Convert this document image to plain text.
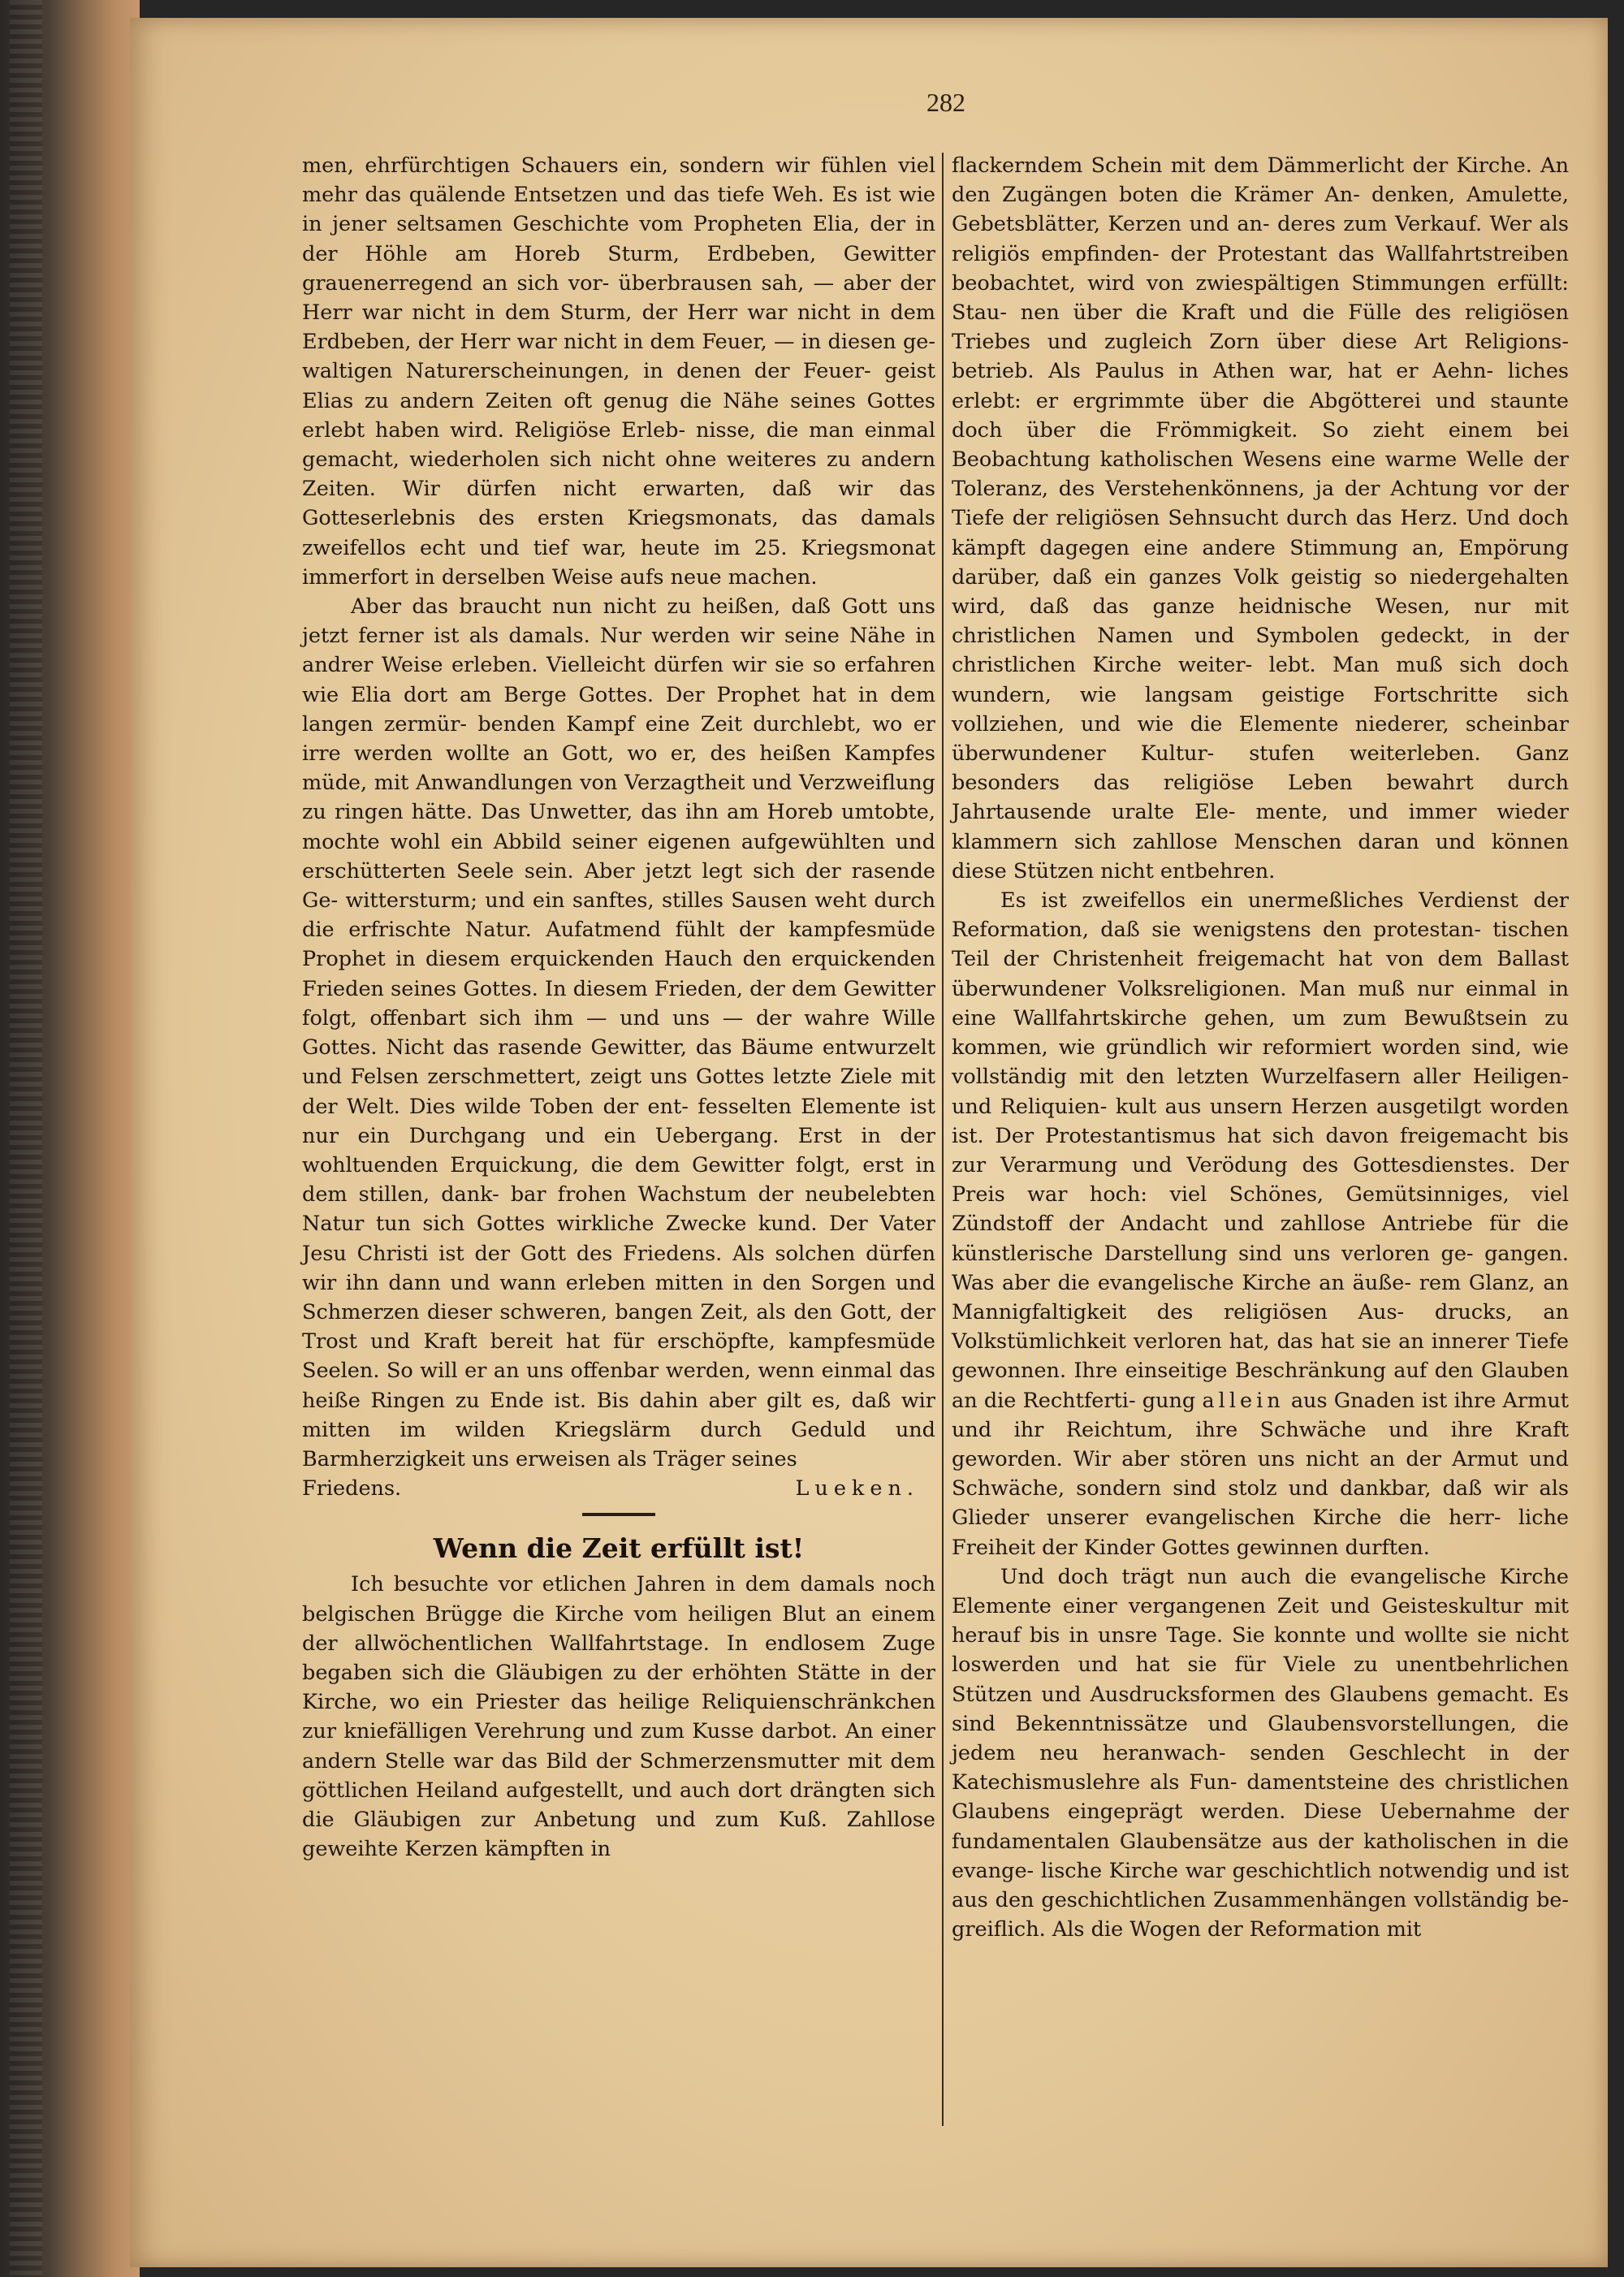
282

men, ehrfürchtigen Schauers ein, sondern wir fühlen viel mehr das quälende Entsetzen und das tiefe Weh. Es ist wie in jener seltsamen Geschichte vom Propheten Elia, der in der Höhle am Horeb Sturm, Erdbeben, Gewitter grauenerregend an sich vor- überbrausen sah, — aber der Herr war nicht in dem Sturm, der Herr war nicht in dem Erdbeben, der Herr war nicht in dem Feuer, — in diesen ge- waltigen Naturerscheinungen, in denen der Feuer- geist Elias zu andern Zeiten oft genug die Nähe seines Gottes erlebt haben wird. Religiöse Erleb- nisse, die man einmal gemacht, wiederholen sich nicht ohne weiteres zu andern Zeiten. Wir dürfen nicht erwarten, daß wir das Gotteserlebnis des ersten Kriegsmonats, das damals zweifellos echt und tief war, heute im 25. Kriegsmonat immerfort in derselben Weise aufs neue machen.

Aber das braucht nun nicht zu heißen, daß Gott uns jetzt ferner ist als damals. Nur werden wir seine Nähe in andrer Weise erleben. Vielleicht dürfen wir sie so erfahren wie Elia dort am Berge Gottes. Der Prophet hat in dem langen zermür- benden Kampf eine Zeit durchlebt, wo er irre werden wollte an Gott, wo er, des heißen Kampfes müde, mit Anwandlungen von Verzagtheit und Verzweiflung zu ringen hätte. Das Unwetter, das ihn am Horeb umtobte, mochte wohl ein Abbild seiner eigenen aufgewühlten und erschütterten Seele sein. Aber jetzt legt sich der rasende Ge- wittersturm; und ein sanftes, stilles Sausen weht durch die erfrischte Natur. Aufatmend fühlt der kampfesmüde Prophet in diesem erquickenden Hauch den erquickenden Frieden seines Gottes. In diesem Frieden, der dem Gewitter folgt, offenbart sich ihm — und uns — der wahre Wille Gottes. Nicht das rasende Gewitter, das Bäume entwurzelt und Felsen zerschmettert, zeigt uns Gottes letzte Ziele mit der Welt. Dies wilde Toben der ent- fesselten Elemente ist nur ein Durchgang und ein Uebergang. Erst in der wohltuenden Erquickung, die dem Gewitter folgt, erst in dem stillen, dank- bar frohen Wachstum der neubelebten Natur tun sich Gottes wirkliche Zwecke kund. Der Vater Jesu Christi ist der Gott des Friedens. Als solchen dürfen wir ihn dann und wann erleben mitten in den Sorgen und Schmerzen dieser schweren, bangen Zeit, als den Gott, der Trost und Kraft bereit hat für erschöpfte, kampfesmüde Seelen. So will er an uns offenbar werden, wenn einmal das heiße Ringen zu Ende ist. Bis dahin aber gilt es, daß wir mitten im wilden Kriegslärm durch Geduld und Barmherzigkeit uns erweisen als Träger seines

Friedens.	Lueken.

Wenn die Zeit erfüllt ist!

Ich besuchte vor etlichen Jahren in dem damals noch belgischen Brügge die Kirche vom heiligen Blut an einem der allwöchentlichen Wallfahrtstage. In endlosem Zuge begaben sich die Gläubigen zu der erhöhten Stätte in der Kirche, wo ein Priester das heilige Reliquienschränkchen zur kniefälligen Verehrung und zum Kusse darbot. An einer andern Stelle war das Bild der Schmerzensmutter mit dem göttlichen Heiland aufgestellt, und auch dort drängten sich die Gläubigen zur Anbetung und zum Kuß. Zahllose geweihte Kerzen kämpften in

flackerndem Schein mit dem Dämmerlicht der Kirche. An den Zugängen boten die Krämer An- denken, Amulette, Gebetsblätter, Kerzen und an- deres zum Verkauf. Wer als religiös empfinden- der Protestant das Wallfahrtstreiben beobachtet, wird von zwiespältigen Stimmungen erfüllt: Stau- nen über die Kraft und die Fülle des religiösen Triebes und zugleich Zorn über diese Art Religions- betrieb. Als Paulus in Athen war, hat er Aehn- liches erlebt: er ergrimmte über die Abgötterei und staunte doch über die Frömmigkeit. So zieht einem bei Beobachtung katholischen Wesens eine warme Welle der Toleranz, des Verstehenkönnens, ja der Achtung vor der Tiefe der religiösen Sehnsucht durch das Herz. Und doch kämpft dagegen eine andere Stimmung an, Empörung darüber, daß ein ganzes Volk geistig so niedergehalten wird, daß das ganze heidnische Wesen, nur mit christlichen Namen und Symbolen gedeckt, in der christlichen Kirche weiter- lebt. Man muß sich doch wundern, wie langsam geistige Fortschritte sich vollziehen, und wie die Elemente niederer, scheinbar überwundener Kultur- stufen weiterleben. Ganz besonders das religiöse Leben bewahrt durch Jahrtausende uralte Ele- mente, und immer wieder klammern sich zahllose Menschen daran und können diese Stützen nicht entbehren.

Es ist zweifellos ein unermeßliches Verdienst der Reformation, daß sie wenigstens den protestan- tischen Teil der Christenheit freigemacht hat von dem Ballast überwundener Volksreligionen. Man muß nur einmal in eine Wallfahrtskirche gehen, um zum Bewußtsein zu kommen, wie gründlich wir reformiert worden sind, wie vollständig mit den letzten Wurzelfasern aller Heiligen- und Reliquien- kult aus unsern Herzen ausgetilgt worden ist. Der Protestantismus hat sich davon freigemacht bis zur Verarmung und Verödung des Gottesdienstes. Der Preis war hoch: viel Schönes, Gemütsinniges, viel Zündstoff der Andacht und zahllose Antriebe für die künstlerische Darstellung sind uns verloren ge- gangen. Was aber die evangelische Kirche an äuße- rem Glanz, an Mannigfaltigkeit des religiösen Aus- drucks, an Volkstümlichkeit verloren hat, das hat sie an innerer Tiefe gewonnen. Ihre einseitige Beschränkung auf den Glauben an die Rechtferti- gung allein aus Gnaden ist ihre Armut und ihr Reichtum, ihre Schwäche und ihre Kraft geworden. Wir aber stören uns nicht an der Armut und Schwäche, sondern sind stolz und dankbar, daß wir als Glieder unserer evangelischen Kirche die herr- liche Freiheit der Kinder Gottes gewinnen durften.

Und doch trägt nun auch die evangelische Kirche Elemente einer vergangenen Zeit und Geisteskultur mit herauf bis in unsre Tage. Sie konnte und wollte sie nicht loswerden und hat sie für Viele zu unentbehrlichen Stützen und Ausdrucksformen des Glaubens gemacht. Es sind Bekenntnissätze und Glaubensvorstellungen, die jedem neu heranwach- senden Geschlecht in der Katechismuslehre als Fun- damentsteine des christlichen Glaubens eingeprägt werden. Diese Uebernahme der fundamentalen Glaubensätze aus der katholischen in die evange- lische Kirche war geschichtlich notwendig und ist aus den geschichtlichen Zusammenhängen vollständig be- greiflich. Als die Wogen der Reformation mit
